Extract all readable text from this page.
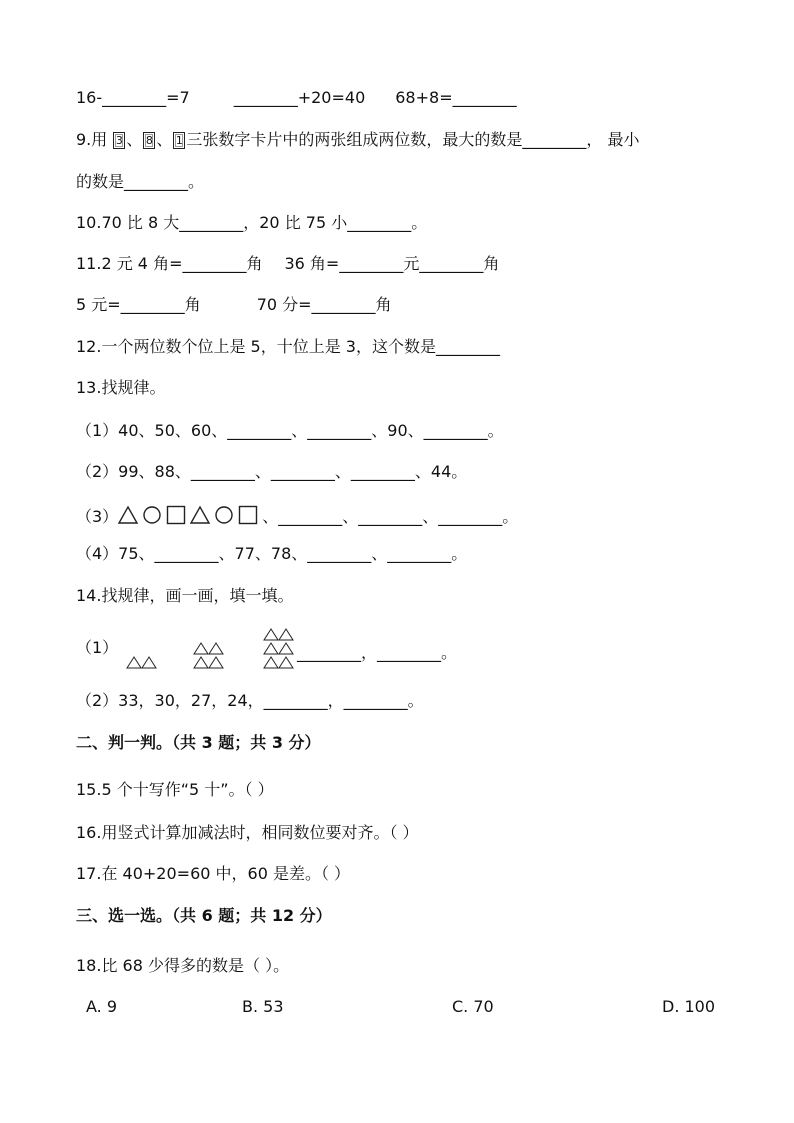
16-________=7	________+20=40 68+8=________
9.用 3 、 8 、 1 三张数字卡片中的两张组成两位数，最大的数是________， 最小
的数是________。
10.70 比 8 大________，20 比 75 小________。
11.2 元 4 角=________角 36 角=________元________角
5 元=________角	70 分=________角
12.一个两位数个位上是 5，十位上是 3，这个数是________
13.找规律。
（1）40、50、60、________、________、90、________。
（2）99、88、________、________、________、44。
（3）	、________、________、________。
（4）75、________、77、78、________、________。
14.找规律，画一画，填一填。
（1）	________，________。
（2）33，30，27，24，________，________。
二、判一判。（共 3 题；共 3 分）
15.5 个十写作“5 十”。（ ）
16.用竖式计算加减法时，相同数位要对齐。（ ）
17.在 40+20=60 中，60 是差。（ ）
三、选一选。（共 6 题；共 12 分）
18.比 68 少得多的数是（ ）。
A. 9	B. 53	C. 70	D. 100
